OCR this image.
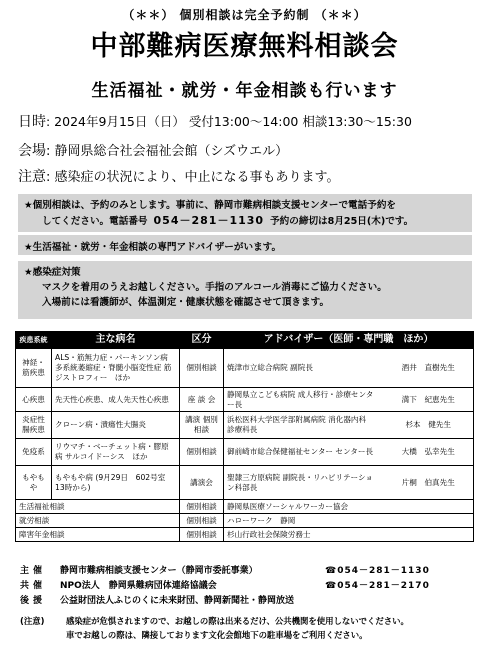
（＊＊） 個別相談は完全予約制 （＊＊）
中部難病医療無料相談会
生活福祉・就労・年金相談も行います
日時: 2024年9月15日（日） 受付13:00～14:00 相談13:30～15:30
会場: 静岡県総合社会福祉会館（シズウエル）
注意: 感染症の状況により、中止になる事もあります。
★個別相談は、予約のみとします。事前に、静岡市難病相談支援センターで電話予約を
してください。電話番号 054－281－1130 予約の締切は8月25日(木)です。
★生活福祉・就労・年金相談の専門アドバイザーがいます。
★感染症対策
マスクを着用のうえお越しください。手指のアルコール消毒にご協力ください。
入場前には看護師が、体温測定・健康状態を確認させて頂きます。
疾患系統	主な病名	区分	アドバイザー（医師・専門職　ほか）	
神経・筋疾患	ALS・筋無力症・パーキンソン病 多系統萎縮症・脊髄小脳変性症 筋ジストロフィー　ほか	個別相談	焼津市立総合病院 副院長	酒井　直樹先生
心疾患	先天性心疾患、成人先天性心疾患	座 談 会	静岡県立こども病院 成人移行・診療センター長	満下　紀恵先生
炎症性腸疾患	クローン病・潰瘍性大腸炎	講演 個別相談	浜松医科大学医学部附属病院 消化器内科　診療科長	杉本　健先生
免疫系	リウマチ・ベーチェット病・膠原病 サルコイドーシス　ほか	個別相談	御前崎市総合保健福祉センター センター長	大橋　弘幸先生
もやもや	もやもや病 (9月29日　602号室　13時から)	講演会	聖隷三方原病院 副院長・リハビリテーション科部長	片桐　伯真先生
生活福祉相談		個別相談	静岡県医療ソーシャルワーカー協会	
就労相談		個別相談	ハローワーク　静岡	
障害年金相談		個別相談	杉山行政社会保険労務士	
主催 静岡市難病相談支援センター（静岡市委託事業）	☎054－281－1130
共催 NPO法人　静岡県難病団体連絡協議会	☎054－281－2170
後援 公益財団法人ふじのくに未来財団、静岡新聞社・静岡放送
(注意)	感染症が危惧されますので、お越しの際は出来るだけ、公共機関を使用しないでください。
車でお越しの際は、隣接しております文化会館地下の駐車場をご利用ください。
